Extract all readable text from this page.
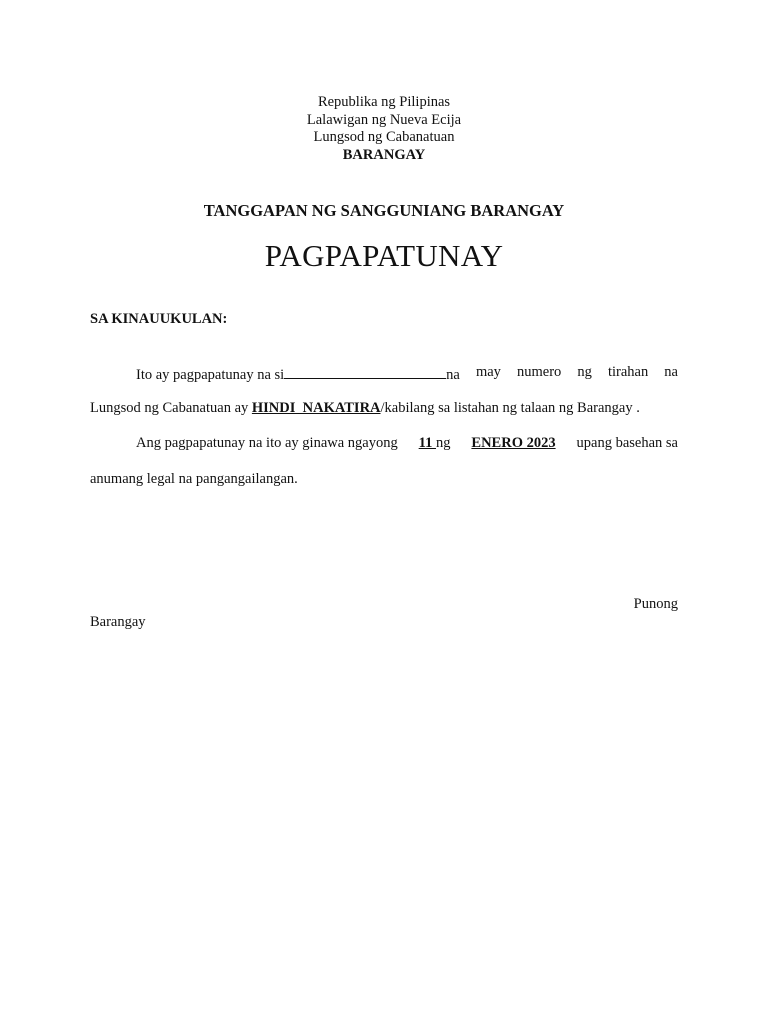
Republika ng Pilipinas
Lalawigan ng Nueva Ecija
Lungsod ng Cabanatuan
BARANGAY
TANGGAPAN NG SANGGUNIANG BARANGAY
PAGPAPATUNAY
SA KINAUUKULAN:
Ito ay pagpapatunay na si	na may numero ng tirahan na
Lungsod ng Cabanatuan ay HINDI  NAKATIRA/kabilang sa listahan ng talaan ng Barangay .
Ang pagpapatunay na ito ay ginawa ngayong 11 ng ENERO 2023 upang basehan sa
anumang legal na pangangailangan.
Punong
Barangay
